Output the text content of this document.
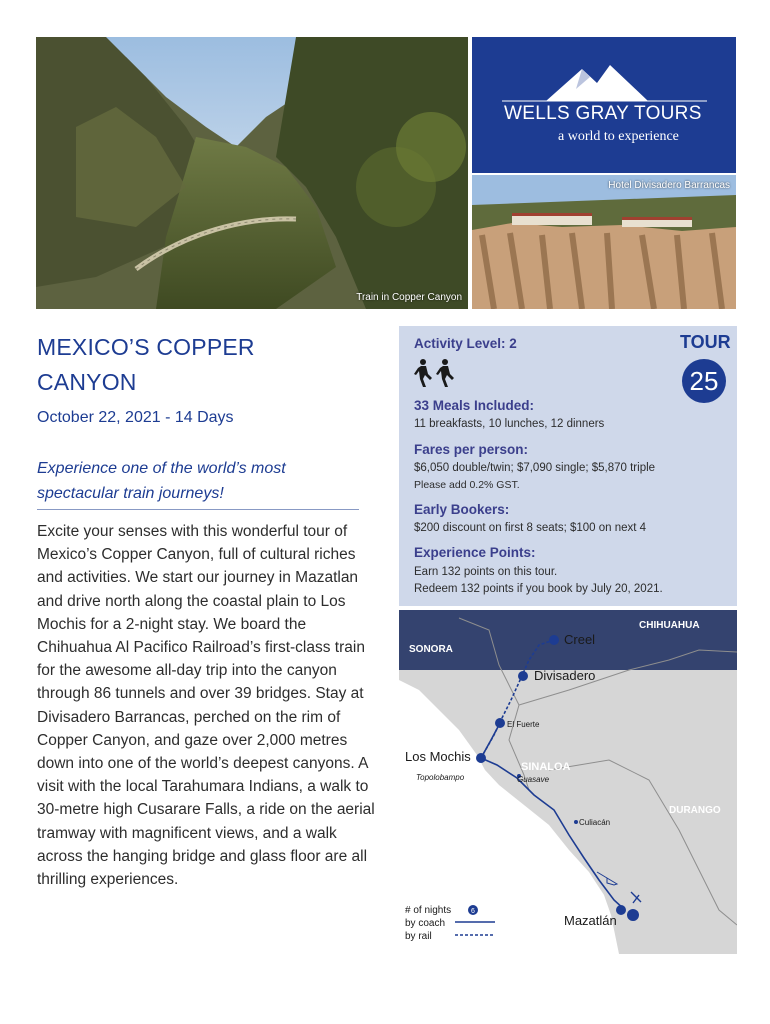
Train in Copper Canyon
WELLS GRAY TOURS
a world to experience
Hotel Divisadero Barrancas
MEXICO’S COPPER CANYON
October 22, 2021 - 14 Days
Experience one of the world’s most spectacular train journeys!
Excite your senses with this wonderful tour of Mexico’s Copper Canyon, full of cultural riches and activities. We start our journey in Mazatlan and drive north along the coastal plain to Los Mochis for a 2-night stay. We board the Chihuahua Al Pacifico Railroad’s first-class train for the awesome all-day trip into the canyon through 86 tunnels and over 39 bridges. Stay at Divisadero Barrancas, perched on the rim of Copper Canyon, and gaze over 2,000 metres down into one of the world’s deepest canyons. A visit with the local Tarahumara Indians, a walk to 30-metre high Cusarare Falls, a ride on the aerial tramway with magnificent views, and a walk across the hanging bridge and glass floor are all thrilling experiences.
Activity Level: 2	TOUR
25
33 Meals Included:
11 breakfasts, 10 lunches, 12 dinners
Fares per person:
$6,050 double/twin; $7,090 single; $5,870 triple
Please add 0.2% GST.
Early Bookers:
$200 discount on first 8 seats; $100 on next 4
Experience Points:
Earn 132 points on this tour.
Redeem 132 points if you book by July 20, 2021.
CHIHUAHUA
SONORA
SINALOA
DURANGO
Creel
Divisadero
El Fuerte
Los Mochis
Topolobampo	Guasave
Culiacán
Mazatlán
# of nights	6
by coach
by rail
